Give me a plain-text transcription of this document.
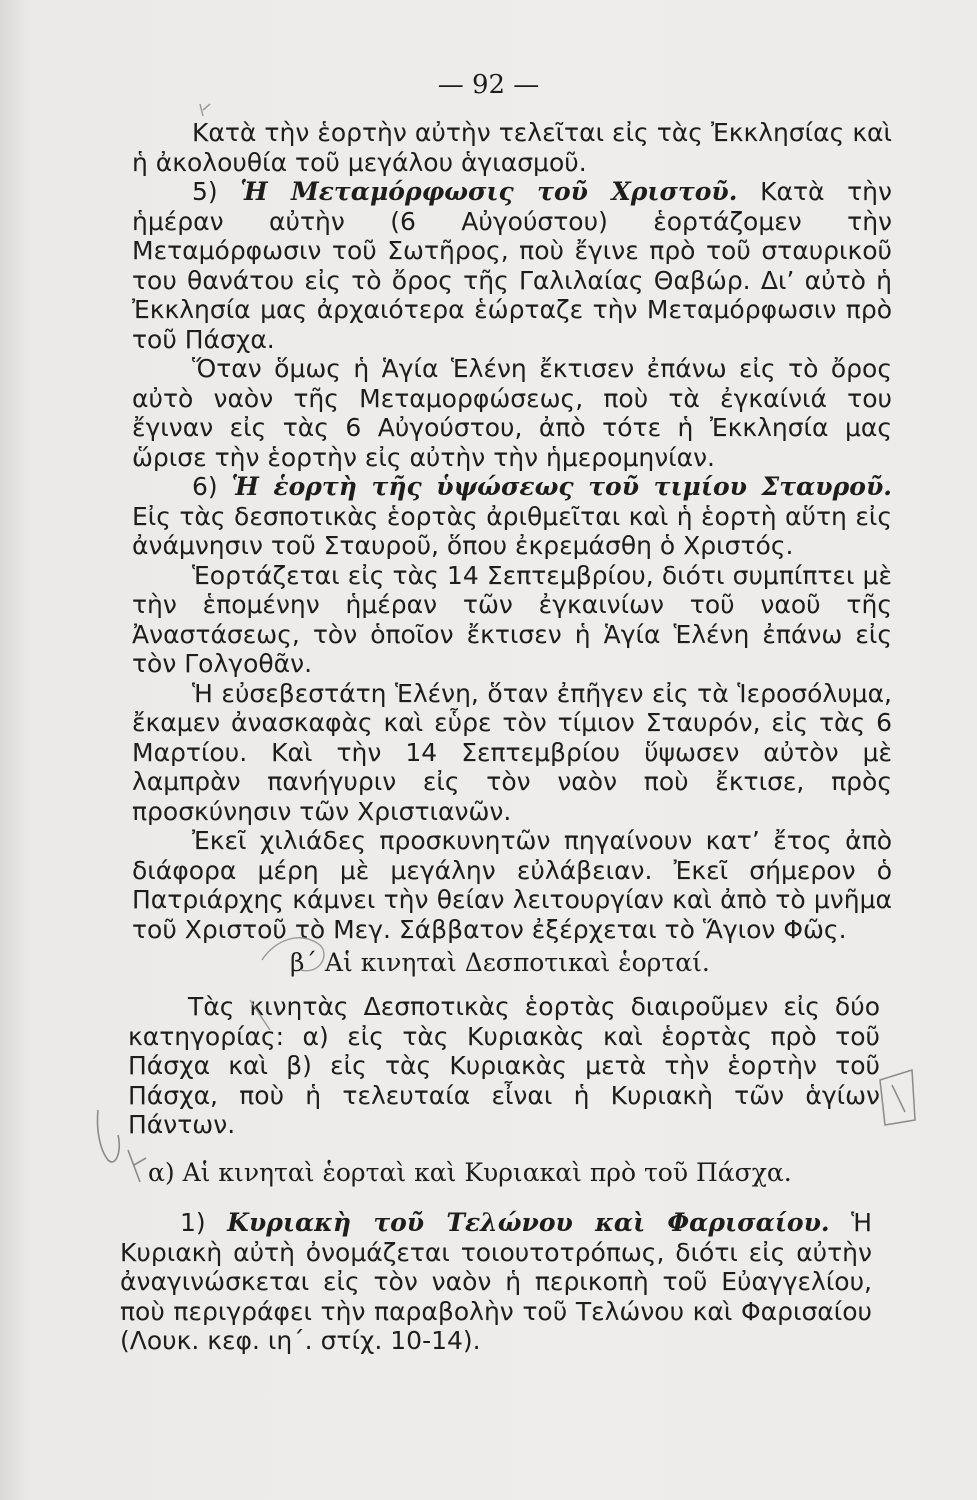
— 92 —

Κατὰ τὴν ἑορτὴν αὐτὴν τελεῖται εἰς τὰς Ἐκκλησίας καὶ ἡ ἀκολουθία τοῦ μεγάλου ἁγιασμοῦ.

5) Ἡ Μεταμόρφωσις τοῦ Χριστοῦ. Κατὰ τὴν ἡμέραν αὐτὴν (6 Αὐγούστου) ἑορτάζομεν τὴν Μεταμόρφωσιν τοῦ Σωτῆρος, ποὺ ἔγινε πρὸ τοῦ σταυρικοῦ του θανάτου εἰς τὸ ὄρος τῆς Γαλιλαίας Θαβώρ. Δι’ αὐτὸ ἡ Ἐκκλησία μας ἀρχαιότερα ἑώρταζε τὴν Μεταμόρφωσιν πρὸ τοῦ Πάσχα.

Ὅταν ὅμως ἡ Ἁγία Ἑλένη ἔκτισεν ἐπάνω εἰς τὸ ὄρος αὐτὸ ναὸν τῆς Μεταμορφώσεως, ποὺ τὰ ἐγκαίνιά του ἔγιναν εἰς τὰς 6 Αὐγούστου, ἀπὸ τότε ἡ Ἐκκλησία μας ὥρισε τὴν ἑορτὴν εἰς αὐτὴν τὴν ἡμερομηνίαν.

6) Ἡ ἑορτὴ τῆς ὑψώσεως τοῦ τιμίου Σταυροῦ. Εἰς τὰς δεσποτικὰς ἑορτὰς ἀριθμεῖται καὶ ἡ ἑορτὴ αὕτη εἰς ἀνάμνησιν τοῦ Σταυροῦ, ὅπου ἐκρεμάσθη ὁ Χριστός.

Ἑορτάζεται εἰς τὰς 14 Σεπτεμβρίου, διότι συμπίπτει μὲ τὴν ἑπομένην ἡμέραν τῶν ἐγκαινίων τοῦ ναοῦ τῆς Ἀναστάσεως, τὸν ὁποῖον ἔκτισεν ἡ Ἁγία Ἑλένη ἐπάνω εἰς τὸν Γολγοθᾶν.

Ἡ εὐσεβεστάτη Ἑλένη, ὅταν ἐπῆγεν εἰς τὰ Ἱεροσόλυμα, ἔκαμεν ἀνασκαφὰς καὶ εὗρε τὸν τίμιον Σταυρόν, εἰς τὰς 6 Μαρτίου. Καὶ τὴν 14 Σεπτεμβρίου ὕψωσεν αὐτὸν μὲ λαμπρὰν πανήγυριν εἰς τὸν ναὸν ποὺ ἔκτισε, πρὸς προσκύνησιν τῶν Χριστιανῶν.

Ἐκεῖ χιλιάδες προσκυνητῶν πηγαίνουν κατ’ ἔτος ἀπὸ διάφορα μέρη μὲ μεγάλην εὐλάβειαν. Ἐκεῖ σήμερον ὁ Πατριάρχης κάμνει τὴν θείαν λειτουργίαν καὶ ἀπὸ τὸ μνῆμα τοῦ Χριστοῦ τὸ Μεγ. Σάββατον ἐξέρχεται τὸ Ἅγιον Φῶς.

β΄ Αἱ κινηταὶ Δεσποτικαὶ ἑορταί.

Τὰς κινητὰς Δεσποτικὰς ἑορτὰς διαιροῦμεν εἰς δύο κατηγορίας: α) εἰς τὰς Κυριακὰς καὶ ἑορτὰς πρὸ τοῦ Πάσχα καὶ β) εἰς τὰς Κυριακὰς μετὰ τὴν ἑορτὴν τοῦ Πάσχα, ποὺ ἡ τελευταία εἶναι ἡ Κυριακὴ τῶν ἁγίων Πάντων.

α) Αἱ κινηταὶ ἑορταὶ καὶ Κυριακαὶ πρὸ τοῦ Πάσχα.

1) Κυριακὴ τοῦ Τελώνου καὶ Φαρισαίου. Ἡ Κυριακὴ αὐτὴ ὀνομάζεται τοιουτοτρόπως, διότι εἰς αὐτὴν ἀναγινώσκεται εἰς τὸν ναὸν ἡ περικοπὴ τοῦ Εὐαγγελίου, ποὺ περιγράφει τὴν παραβολὴν τοῦ Τελώνου καὶ Φαρισαίου (Λουκ. κεφ. ιη΄. στίχ. 10-14).
